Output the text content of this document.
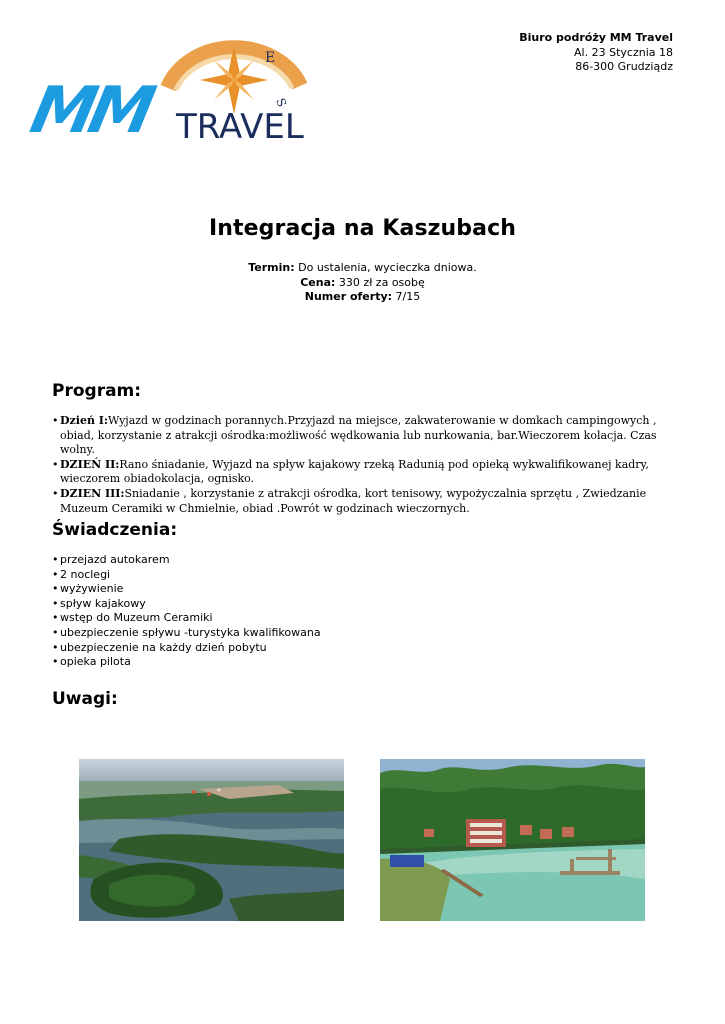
E
S
MM TRAVEL
Biuro podróży MM Travel
Al. 23 Stycznia 18
86-300 Grudziądz
Integracja na Kaszubach
Termin: Do ustalenia, wycieczka dniowa.
Cena: 330 zł za osobę
Numer oferty: 7/15
Program:
• Dzień I:Wyjazd w godzinach porannych.Przyjazd na miejsce, zakwaterowanie w domkach campingowych , obiad, korzystanie z atrakcji ośrodka:możliwość wędkowania lub nurkowania, bar.Wieczorem kolacja. Czas wolny.
• DZIEŃ II:Rano śniadanie, Wyjazd na spływ kajakowy rzeką Radunią pod opieką wykwalifikowanej kadry, wieczorem obiadokolacja, ognisko.
• DZIEN III:Sniadanie , korzystanie z atrakcji ośrodka, kort tenisowy, wypożyczalnia sprzętu , Zwiedzanie Muzeum Ceramiki w Chmielnie, obiad .Powrót w godzinach wieczornych.
Świadczenia:
• przejazd autokarem
• 2 noclegi
• wyżywienie
• spływ kajakowy
• wstęp do Muzeum Ceramiki
• ubezpieczenie spływu -turystyka kwalifikowana
• ubezpieczenie na każdy dzień pobytu
• opieka pilota
Uwagi:
